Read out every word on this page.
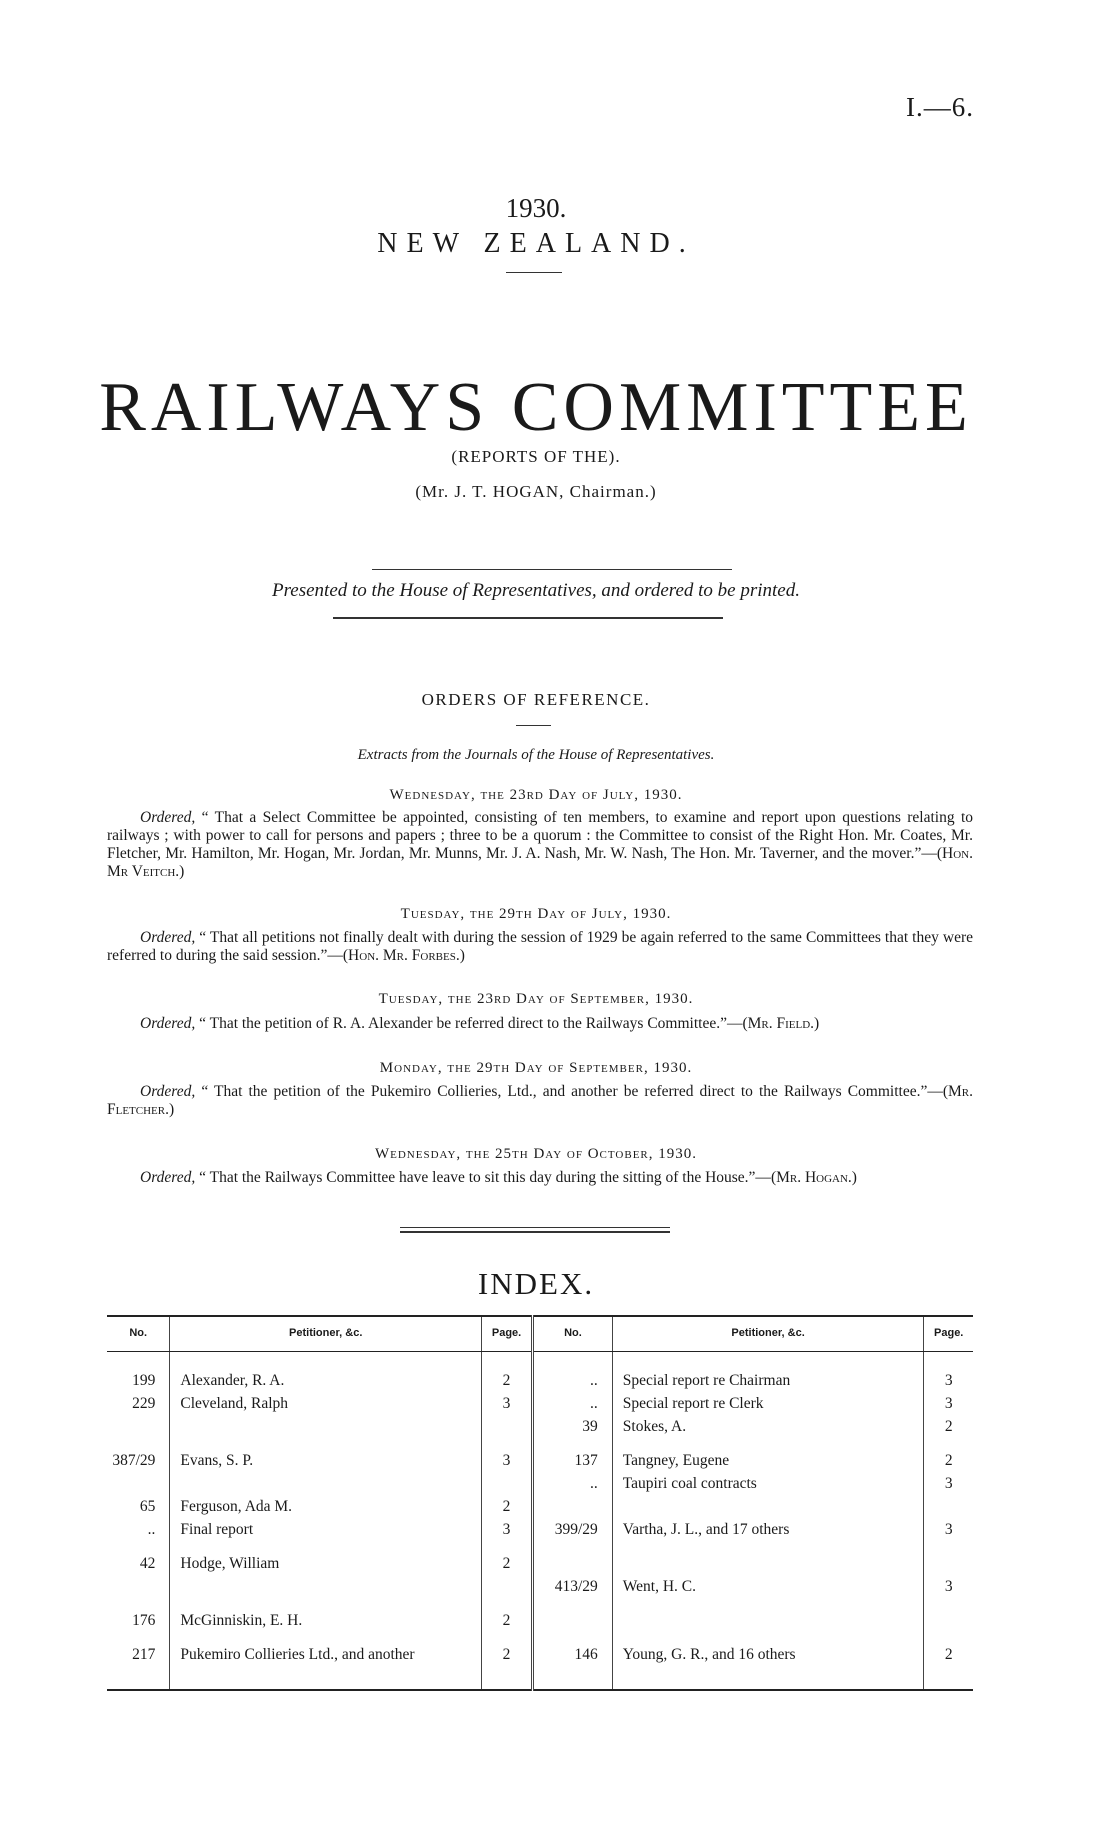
I.—6.
1930.
NEW ZEALAND.
RAILWAYS COMMITTEE
(REPORTS OF THE).
(Mr. J. T. HOGAN, Chairman.)
Presented to the House of Representatives, and ordered to be printed.
ORDERS OF REFERENCE.
Extracts from the Journals of the House of Representatives.
Wednesday, the 23rd Day of July, 1930.

Ordered, “ That a Select Committee be appointed, consisting of ten members, to examine and report upon questions relating to railways ; with power to call for persons and papers ; three to be a quorum : the Committee to consist of the Right Hon. Mr. Coates, Mr. Fletcher, Mr. Hamilton, Mr. Hogan, Mr. Jordan, Mr. Munns, Mr. J. A. Nash, Mr. W. Nash, The Hon. Mr. Taverner, and the mover.”—(Hon. Mr Veitch.)

Tuesday, the 29th Day of July, 1930.

Ordered, “ That all petitions not finally dealt with during the session of 1929 be again referred to the same Committees that they were referred to during the said session.”—(Hon. Mr. Forbes.)

Tuesday, the 23rd Day of September, 1930.

Ordered, “ That the petition of R. A. Alexander be referred direct to the Railways Committee.”—(Mr. Field.)

Monday, the 29th Day of September, 1930.

Ordered, “ That the petition of the Pukemiro Collieries, Ltd., and another be referred direct to the Railways Committee.”—(Mr. Fletcher.)

Wednesday, the 25th Day of October, 1930.

Ordered, “ That the Railways Committee have leave to sit this day during the sitting of the House.”—(Mr. Hogan.)

INDEX.
No.	Petitioner, &c.	Page.	No.	Petitioner, &c.	Page.
199	Alexander, R. A.	2	..	Special report re Chairman	3
229	Cleveland, Ralph	3	..	Special report re Clerk	3
			39	Stokes, A.	2
387/29	Evans, S. P.	3	137	Tangney, Eugene	2
			..	Taupiri coal contracts	3
65	Ferguson, Ada M.	2			
..	Final report	3	399/29	Vartha, J. L., and 17 others	3
42	Hodge, William	2			
			413/29	Went, H. C.	3
176	McGinniskin, E. H.	2			
217	Pukemiro Collieries Ltd., and another	2	146	Young, G. R., and 16 others	2
